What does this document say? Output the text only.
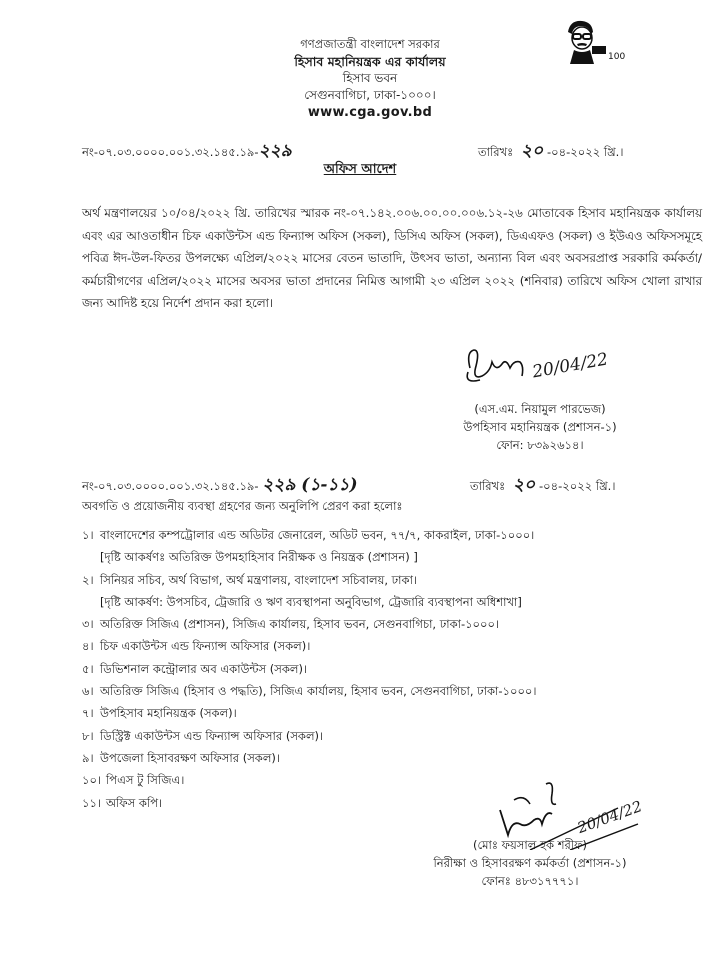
গণপ্রজাতন্ত্রী বাংলাদেশ সরকার
হিসাব মহানিয়ন্ত্রক এর কার্যালয়
হিসাব ভবন
সেগুনবাগিচা, ঢাকা-১০০০।
www.cga.gov.bd
100
নং-০৭.০৩.০০০০.০০১.৩২.১৪৫.১৯-২২৯	তারিখঃ ২০ -০৪-২০২২ খ্রি.।
অফিস আদেশ
অর্থ মন্ত্রণালয়ের ১০/০৪/২০২২ খ্রি. তারিখের স্মারক নং-০৭.১৪২.০০৬.০০.০০.০০৬.১২-২৬ মোতাবেক হিসাব মহানিয়ন্ত্রক কার্যালয় এবং এর আওতাধীন চিফ একাউন্টস এন্ড ফিন্যান্স অফিস (সকল), ডিসিএ অফিস (সকল), ডিএএফও (সকল) ও ইউএও অফিসসমূহে পবিত্র ঈদ-উল-ফিতর উপলক্ষ্যে এপ্রিল/২০২২ মাসের বেতন ভাতাদি, উৎসব ভাতা, অন্যান্য বিল এবং অবসরপ্রাপ্ত সরকারি কর্মকর্তা/কর্মচারীগণের এপ্রিল/২০২২ মাসের অবসর ভাতা প্রদানের নিমিত্ত আগামী ২৩ এপ্রিল ২০২২ (শনিবার) তারিখে অফিস খোলা রাখার জন্য আদিষ্ট হয়ে নির্দেশ প্রদান করা হলো।
20/04/22
(এস.এম. নিয়ামুল পারভেজ)
উপহিসাব মহানিয়ন্ত্রক (প্রশাসন-১)
ফোন: ৮৩৯২৬১৪।
নং-০৭.০৩.০০০০.০০১.৩২.১৪৫.১৯- ২২৯ (১-১১)	তারিখঃ ২০ -০৪-২০২২ খ্রি.।
অবগতি ও প্রয়োজনীয় ব্যবস্থা গ্রহণের জন্য অনুলিপি প্রেরণ করা হলোঃ
১। বাংলাদেশের কম্পট্রোলার এন্ড অডিটর জেনারেল, অডিট ভবন, ৭৭/৭, কাকরাইল, ঢাকা-১০০০।
[দৃষ্টি আকর্ষণঃ অতিরিক্ত উপমহাহিসাব নিরীক্ষক ও নিয়ন্ত্রক (প্রশাসন) ]
২। সিনিয়র সচিব, অর্থ বিভাগ, অর্থ মন্ত্রণালয়, বাংলাদেশ সচিবালয়, ঢাকা।
[দৃষ্টি আকর্ষণ: উপসচিব, ট্রেজারি ও ঋণ ব্যবস্থাপনা অনুবিভাগ, ট্রেজারি ব্যবস্থাপনা অধিশাখা]
৩। অতিরিক্ত সিজিএ (প্রশাসন), সিজিএ কার্যালয়, হিসাব ভবন, সেগুনবাগিচা, ঢাকা-১০০০।
৪। চিফ একাউন্টস এন্ড ফিন্যান্স অফিসার (সকল)।
৫। ডিভিশনাল কন্ট্রোলার অব একাউন্টস (সকল)।
৬। অতিরিক্ত সিজিএ (হিসাব ও পদ্ধতি), সিজিএ কার্যালয়, হিসাব ভবন, সেগুনবাগিচা, ঢাকা-১০০০।
৭। উপহিসাব মহানিয়ন্ত্রক (সকল)।
৮। ডিস্ট্রিক্ট একাউন্টস এন্ড ফিন্যান্স অফিসার (সকল)।
৯। উপজেলা হিসাবরক্ষণ অফিসার (সকল)।
১০। পিএস টু সিজিএ।
১১। অফিস কপি।	20/04/22
(মোঃ ফয়সাল হক শরীফ)
নিরীক্ষা ও হিসাবরক্ষণ কর্মকর্তা (প্রশাসন-১)
ফোনঃ ৪৮৩১৭৭৭১।
